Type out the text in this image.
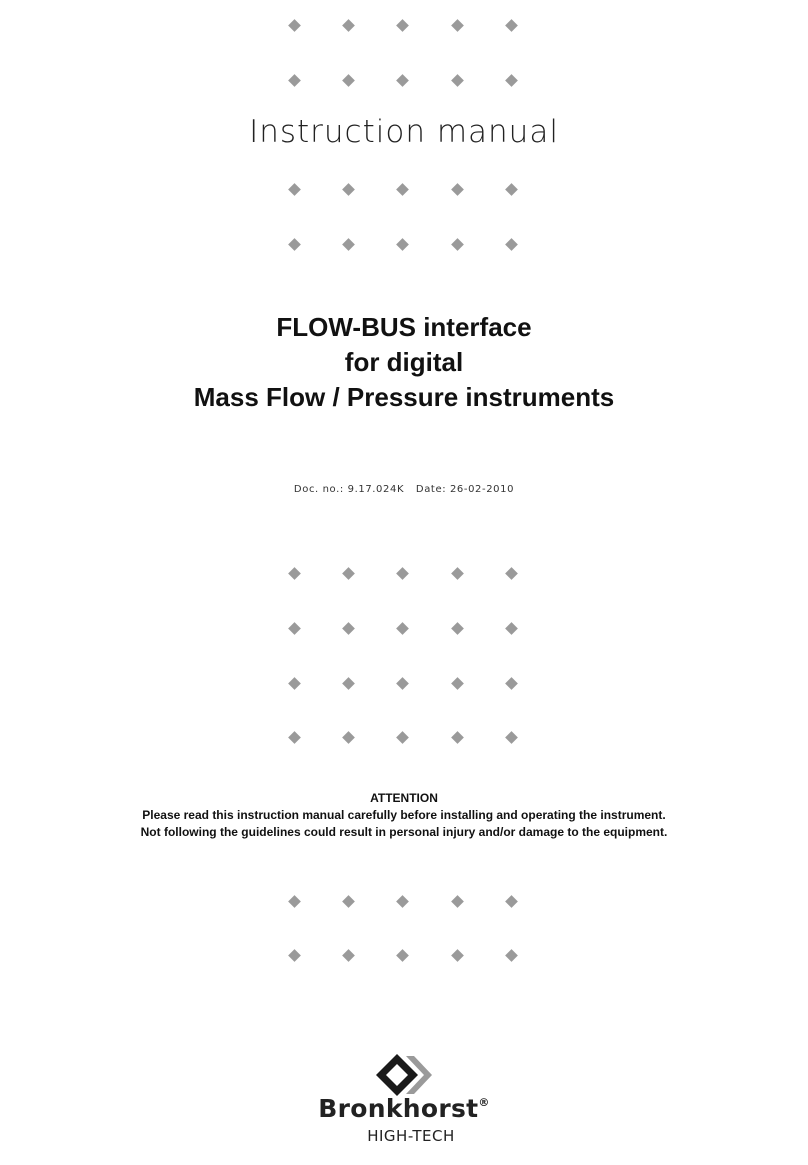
Instruction manual
FLOW-BUS interface
for digital
Mass Flow / Pressure instruments
Doc. no.: 9.17.024K Date: 26-02-2010
ATTENTION
Please read this instruction manual carefully before installing and operating the instrument.
Not following the guidelines could result in personal injury and/or damage to the equipment.
Bronkhorst®
HIGH-TECH
